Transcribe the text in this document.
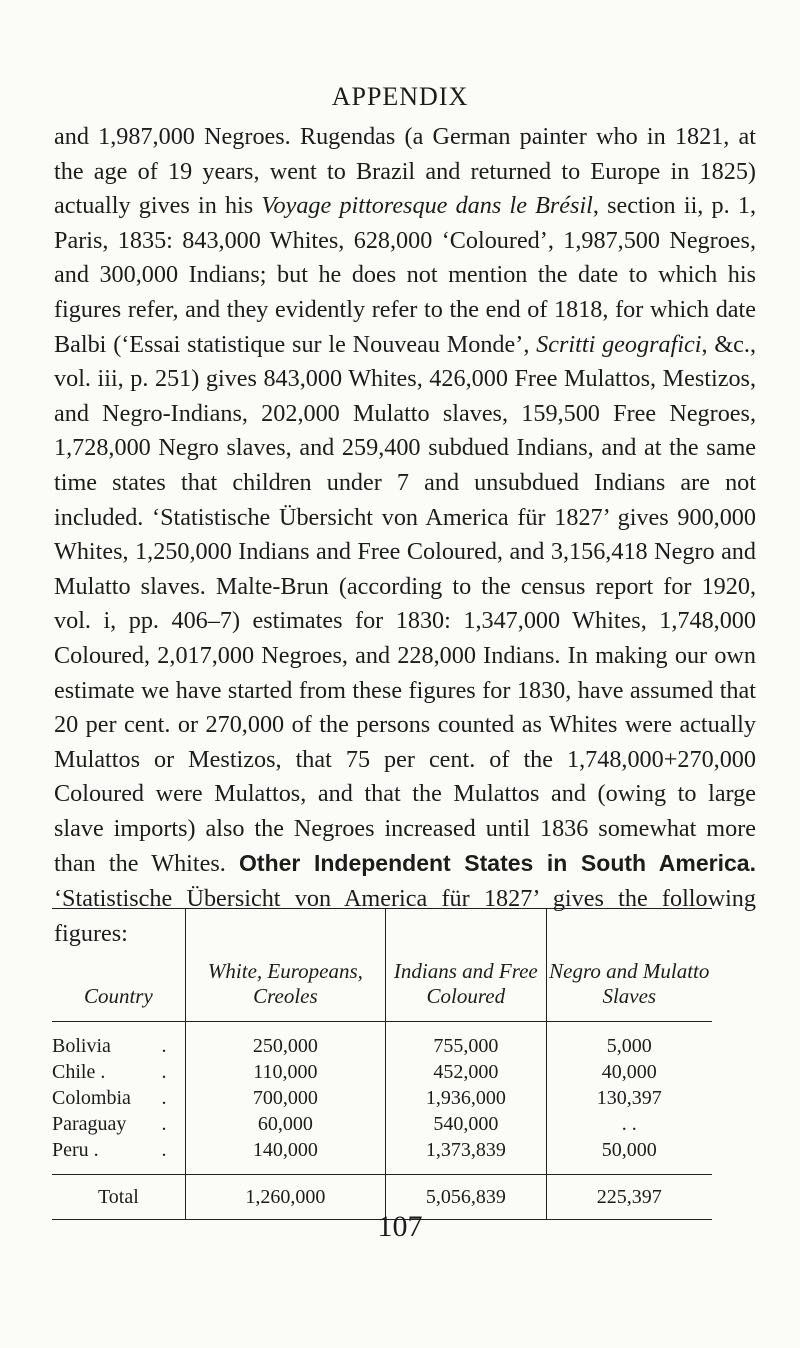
APPENDIX

and 1,987,000 Negroes. Rugendas (a German painter who in 1821, at the age of 19 years, went to Brazil and returned to Europe in 1825) actually gives in his Voyage pittoresque dans le Brésil, section ii, p. 1, Paris, 1835: 843,000 Whites, 628,000 ‘Coloured’, 1,987,500 Negroes, and 300,000 Indians; but he does not mention the date to which his figures refer, and they evidently refer to the end of 1818, for which date Balbi (‘Essai statistique sur le Nouveau Monde’, Scritti geografici, &c., vol. iii, p. 251) gives 843,000 Whites, 426,000 Free Mulattos, Mestizos, and Negro-Indians, 202,000 Mulatto slaves, 159,500 Free Negroes, 1,728,000 Negro slaves, and 259,400 subdued Indians, and at the same time states that children under 7 and unsubdued Indians are not included. ‘Statistische Übersicht von America für 1827’ gives 900,000 Whites, 1,250,000 Indians and Free Coloured, and 3,156,418 Negro and Mulatto slaves. Malte-Brun (according to the census report for 1920, vol. i, pp. 406–7) estimates for 1830: 1,347,000 Whites, 1,748,000 Coloured, 2,017,000 Negroes, and 228,000 Indians. In making our own estimate we have started from these figures for 1830, have assumed that 20 per cent. or 270,000 of the persons counted as Whites were actually Mulattos or Mestizos, that 75 per cent. of the 1,748,000+270,000 Coloured were Mulattos, and that the Mulattos and (owing to large slave imports) also the Negroes increased until 1836 somewhat more than the Whites. Other Independent States in South America. ‘Statistische Übersicht von America für 1827’ gives the following figures:

Country	White, Europeans, Creoles	Indians and Free Coloured	Negro and Mulatto Slaves
Bolivia .	250,000	755,000	5,000
Chile . .	110,000	452,000	40,000
Colombia .	700,000	1,936,000	130,397
Paraguay .	60,000	540,000	. .
Peru . .	140,000	1,373,839	50,000
Total	1,260,000	5,056,839	225,397
107
